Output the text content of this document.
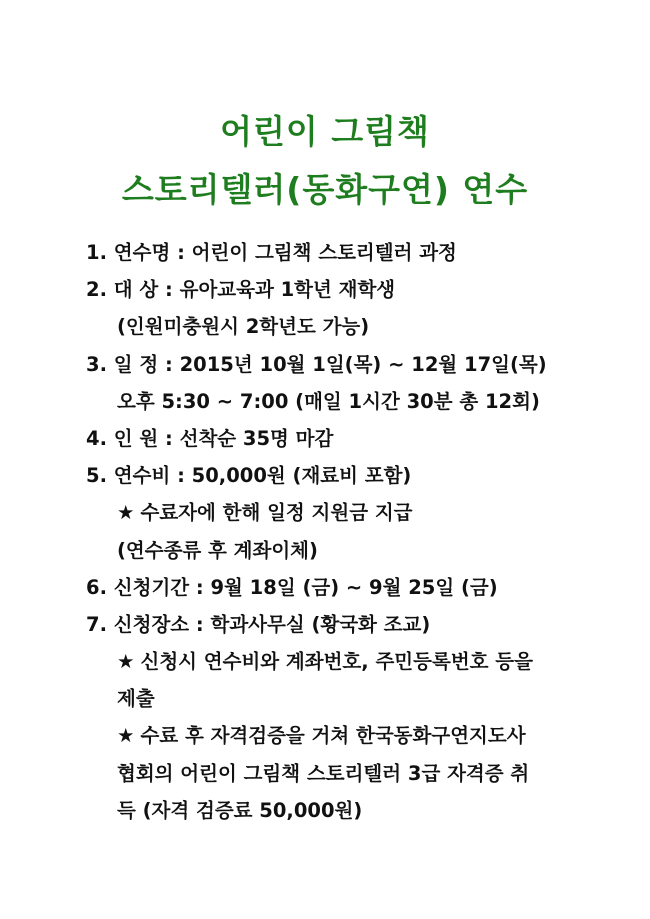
어린이 그림책
스토리텔러(동화구연) 연수
1. 연수명 : 어린이 그림책 스토리텔러 과정
2. 대 상 : 유아교육과 1학년 재학생
(인원미충원시 2학년도 가능)
3. 일 정 : 2015년 10월 1일(목) ~ 12월 17일(목)
오후 5:30 ~ 7:00 (매일 1시간 30분 총 12회)
4. 인 원 : 선착순 35명 마감
5. 연수비 : 50,000원 (재료비 포함)
★ 수료자에 한해 일정 지원금 지급
(연수종류 후 계좌이체)
6. 신청기간 : 9월 18일 (금) ~ 9월 25일 (금)
7. 신청장소 : 학과사무실 (황국화 조교)
★ 신청시 연수비와 계좌번호, 주민등록번호 등을
제출
★ 수료 후 자격검증을 거쳐 한국동화구연지도사
협회의 어린이 그림책 스토리텔러 3급 자격증 취
득 (자격 검증료 50,000원)
